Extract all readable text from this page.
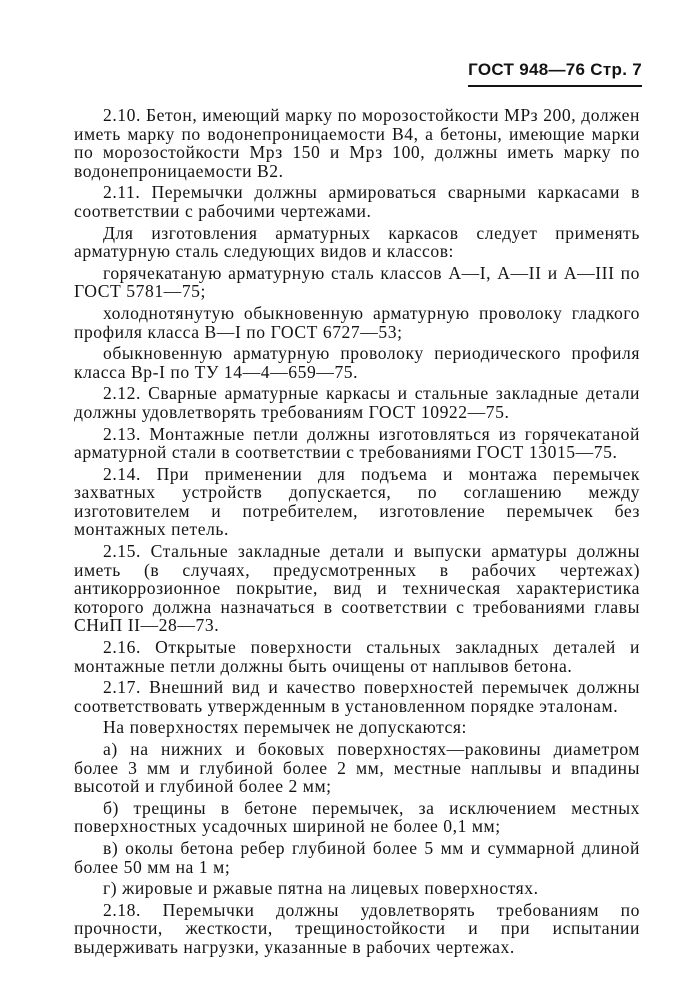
ГОСТ 948—76 Стр. 7

2.10. Бетон, имеющий марку по морозостойкости МРз 200, должен иметь марку по водонепроницаемости В4, а бетоны, имеющие марки по морозостойкости Мрз 150 и Мрз 100, должны иметь марку по водонепроницаемости В2.

2.11. Перемычки должны армироваться сварными каркасами в соответствии с рабочими чертежами.

Для изготовления арматурных каркасов следует применять арматурную сталь следующих видов и классов:

горячекатаную арматурную сталь классов А—I, А—II и А—III по ГОСТ 5781—75;

холоднотянутую обыкновенную арматурную проволоку гладкого профиля класса В—I по ГОСТ 6727—53;

обыкновенную арматурную проволоку периодического профиля класса Вр-I по ТУ 14—4—659—75.

2.12. Сварные арматурные каркасы и стальные закладные детали должны удовлетворять требованиям ГОСТ 10922—75.

2.13. Монтажные петли должны изготовляться из горячекатаной арматурной стали в соответствии с требованиями ГОСТ 13015—75.

2.14. При применении для подъема и монтажа перемычек захватных устройств допускается, по соглашению между изготовителем и потребителем, изготовление перемычек без монтажных петель.

2.15. Стальные закладные детали и выпуски арматуры должны иметь (в случаях, предусмотренных в рабочих чертежах) антикоррозионное покрытие, вид и техническая характеристика которого должна назначаться в соответствии с требованиями главы СНиП II—28—73.

2.16. Открытые поверхности стальных закладных деталей и монтажные петли должны быть очищены от наплывов бетона.

2.17. Внешний вид и качество поверхностей перемычек должны соответствовать утвержденным в установленном порядке эталонам.

На поверхностях перемычек не допускаются:

а) на нижних и боковых поверхностях—раковины диаметром более 3 мм и глубиной более 2 мм, местные наплывы и впадины высотой и глубиной более 2 мм;

б) трещины в бетоне перемычек, за исключением местных поверхностных усадочных шириной не более 0,1 мм;

в) околы бетона ребер глубиной более 5 мм и суммарной длиной более 50 мм на 1 м;

г) жировые и ржавые пятна на лицевых поверхностях.

2.18. Перемычки должны удовлетворять требованиям по прочности, жесткости, трещиностойкости и при испытании выдерживать нагрузки, указанные в рабочих чертежах.
